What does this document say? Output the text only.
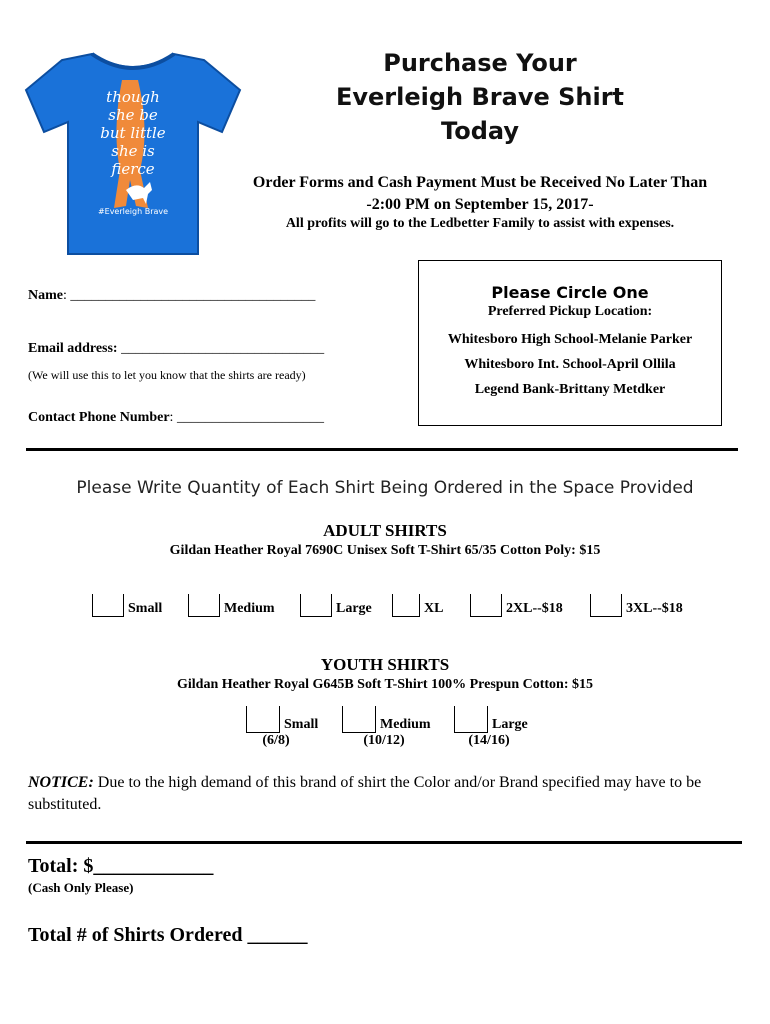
though
she be
but little
she is
fierce
#Everleigh Brave
Purchase Your
Everleigh Brave Shirt
Today
Order Forms and Cash Payment Must be Received No Later Than
-2:00 PM on September 15, 2017-
All profits will go to the Ledbetter Family to assist with expenses.
Name: ___________________________________
Email address: _____________________________
(We will use this to let you know that the shirts are ready)
Contact Phone Number: _____________________
Please Circle One
Preferred Pickup Location:
Whitesboro High School-Melanie Parker
Whitesboro Int. School-April Ollila
Legend Bank-Brittany Metdker
Please Write Quantity of Each Shirt Being Ordered in the Space Provided
ADULT SHIRTS
Gildan Heather Royal 7690C Unisex Soft T-Shirt 65/35 Cotton Poly: $15
Small	Medium	Large	XL	2XL--$18	3XL--$18
YOUTH SHIRTS
Gildan Heather Royal G645B Soft T-Shirt 100% Prespun Cotton: $15
Small
(6/8)
Medium
(10/12)
Large
(14/16)
NOTICE: Due to the high demand of this brand of shirt the Color and/or Brand specified may have to be substituted.
Total: $____________
(Cash Only Please)
Total # of Shirts Ordered ______
